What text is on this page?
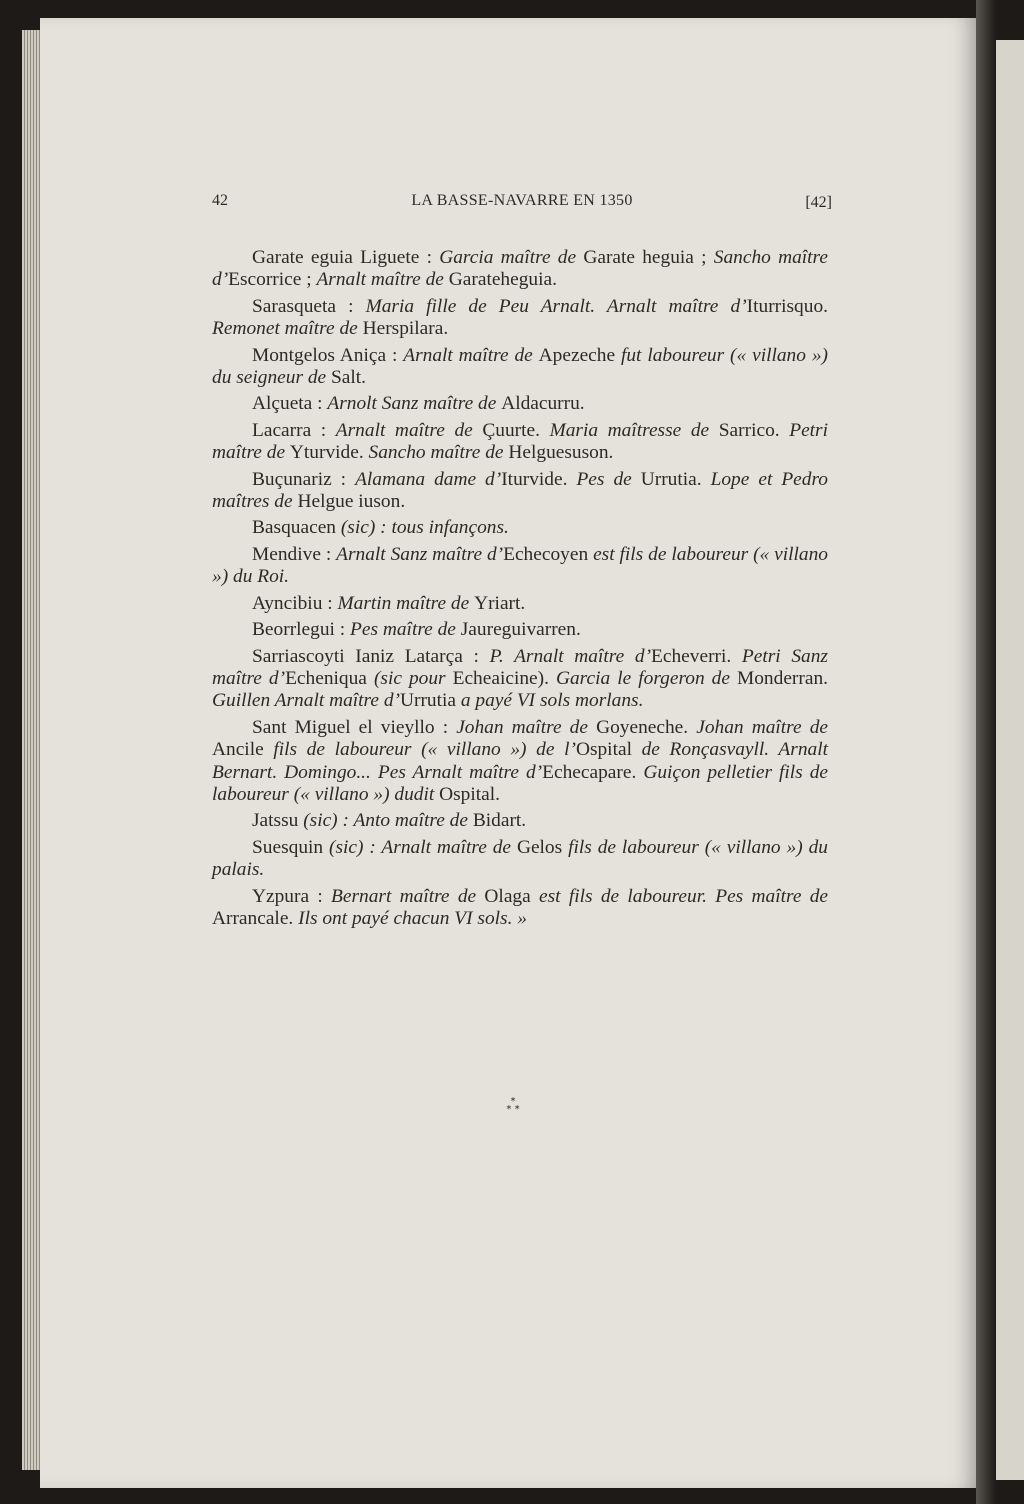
42	LA BASSE-NAVARRE EN 1350	[42]

Garate eguia Liguete : Garcia maître de Garate heguia ; Sancho maître d’Escorrice ; Arnalt maître de Garateheguia.

Sarasqueta : Maria fille de Peu Arnalt. Arnalt maître d’Iturrisquo. Remonet maître de Herspilara.

Montgelos Aniça : Arnalt maître de Apezeche fut laboureur (« villano ») du seigneur de Salt.

Alçueta : Arnolt Sanz maître de Aldacurru.

Lacarra : Arnalt maître de Çuurte. Maria maîtresse de Sarrico. Petri maître de Yturvide. Sancho maître de Helguesuson.

Buçunariz : Alamana dame d’Iturvide. Pes de Urrutia. Lope et Pedro maîtres de Helgue iuson.

Basquacen (sic) : tous infançons.

Mendive : Arnalt Sanz maître d’Echecoyen est fils de laboureur (« villano ») du Roi.

Ayncibiu : Martin maître de Yriart.

Beorrlegui : Pes maître de Jaureguivarren.

Sarriascoyti Ianiz Latarça : P. Arnalt maître d’Echeverri. Petri Sanz maître d’Echeniqua (sic pour Echeaicine). Garcia le forgeron de Monderran. Guillen Arnalt maître d’Urrutia a payé VI sols morlans.

Sant Miguel el vieyllo : Johan maître de Goyeneche. Johan maître de Ancile fils de laboureur (« villano ») de l’Ospital de Ronçasvayll. Arnalt Bernart. Domingo... Pes Arnalt maître d’Echecapare. Guiçon pelletier fils de laboureur (« villano ») dudit Ospital.

Jatssu (sic) : Anto maître de Bidart.

Suesquin (sic) : Arnalt maître de Gelos fils de laboureur (« villano ») du palais.

Yzpura : Bernart maître de Olaga est fils de laboureur. Pes maître de Arrancale. Ils ont payé chacun VI sols. »

*
* *
